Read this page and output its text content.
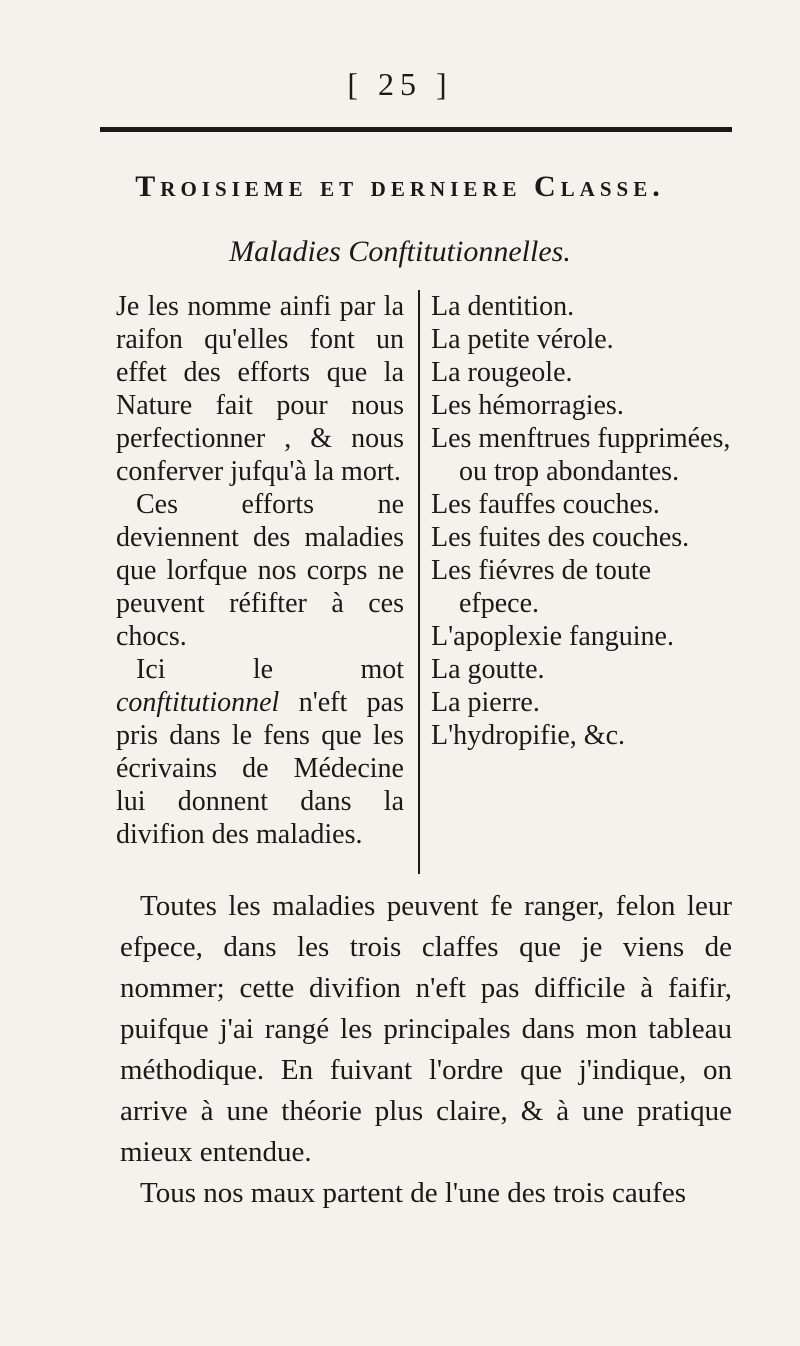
[ 25 ]
Troisieme et derniere Classe.
Maladies Conftitutionnelles.

Je les nomme ainfi par la raifon qu'elles font un effet des efforts que la Nature fait pour nous perfectionner , & nous conferver jufqu'à la mort.

Ces efforts ne deviennent des maladies que lorfque nos corps ne peuvent réfifter à ces chocs.

Ici le mot conftitutionnel n'eft pas pris dans le fens que les écrivains de Médecine lui donnent dans la divifion des maladies.

La dentition.
La petite vérole.
La rougeole.
Les hémorragies.
Les menftrues fupprimées, ou trop abondantes.
Les fauffes couches.
Les fuites des couches.
Les fiévres de toute efpece.
L'apoplexie fanguine.
La goutte.
La pierre.
L'hydropifie, &c.

Toutes les maladies peuvent fe ranger, felon leur efpece, dans les trois claffes que je viens de nommer; cette divifion n'eft pas difficile à faifir, puifque j'ai rangé les principales dans mon tableau méthodique. En fuivant l'ordre que j'indique, on arrive à une théorie plus claire, & à une pratique mieux entendue.

Tous nos maux partent de l'une des trois caufes
